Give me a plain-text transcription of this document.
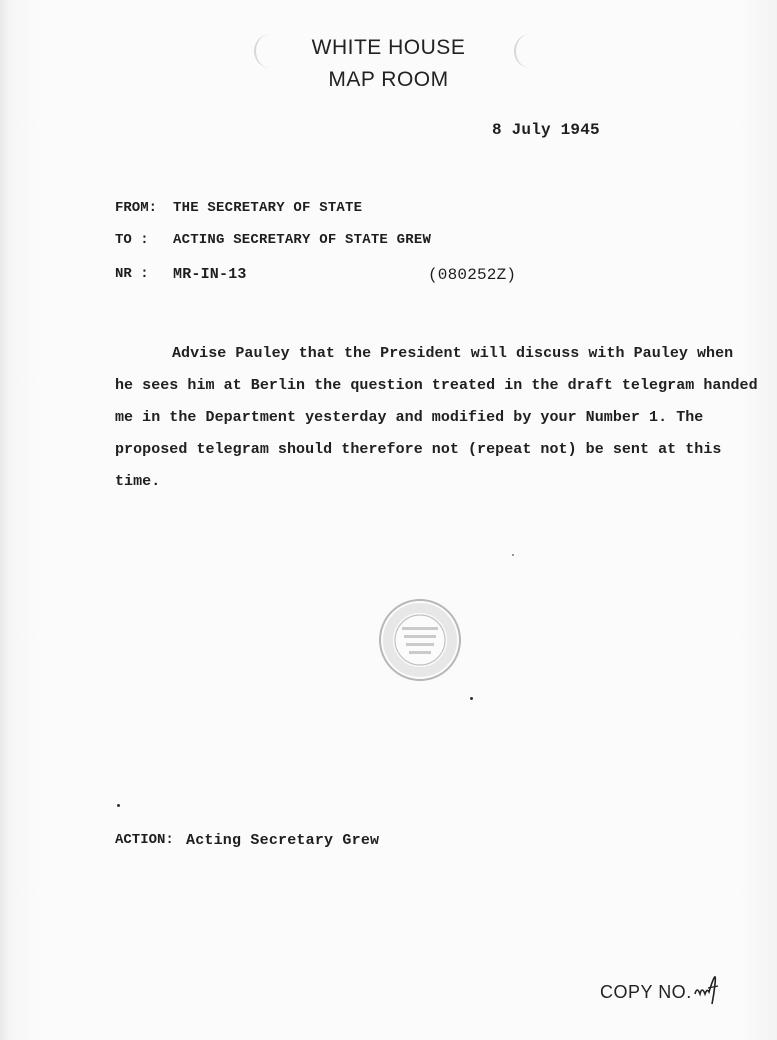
WHITE HOUSE
MAP ROOM
8 July 1945
FROM: THE SECRETARY OF STATE
TO : ACTING SECRETARY OF STATE GREW
NR : MR-IN-13	(080252Z)
Advise Pauley that the President will discuss with Pauley when
he sees him at Berlin the question treated in the draft telegram handed
me in the Department yesterday and modified by your Number 1. The
proposed telegram should therefore not (repeat not) be sent at this
time.
ACTION: Acting Secretary Grew
COPY NO.
